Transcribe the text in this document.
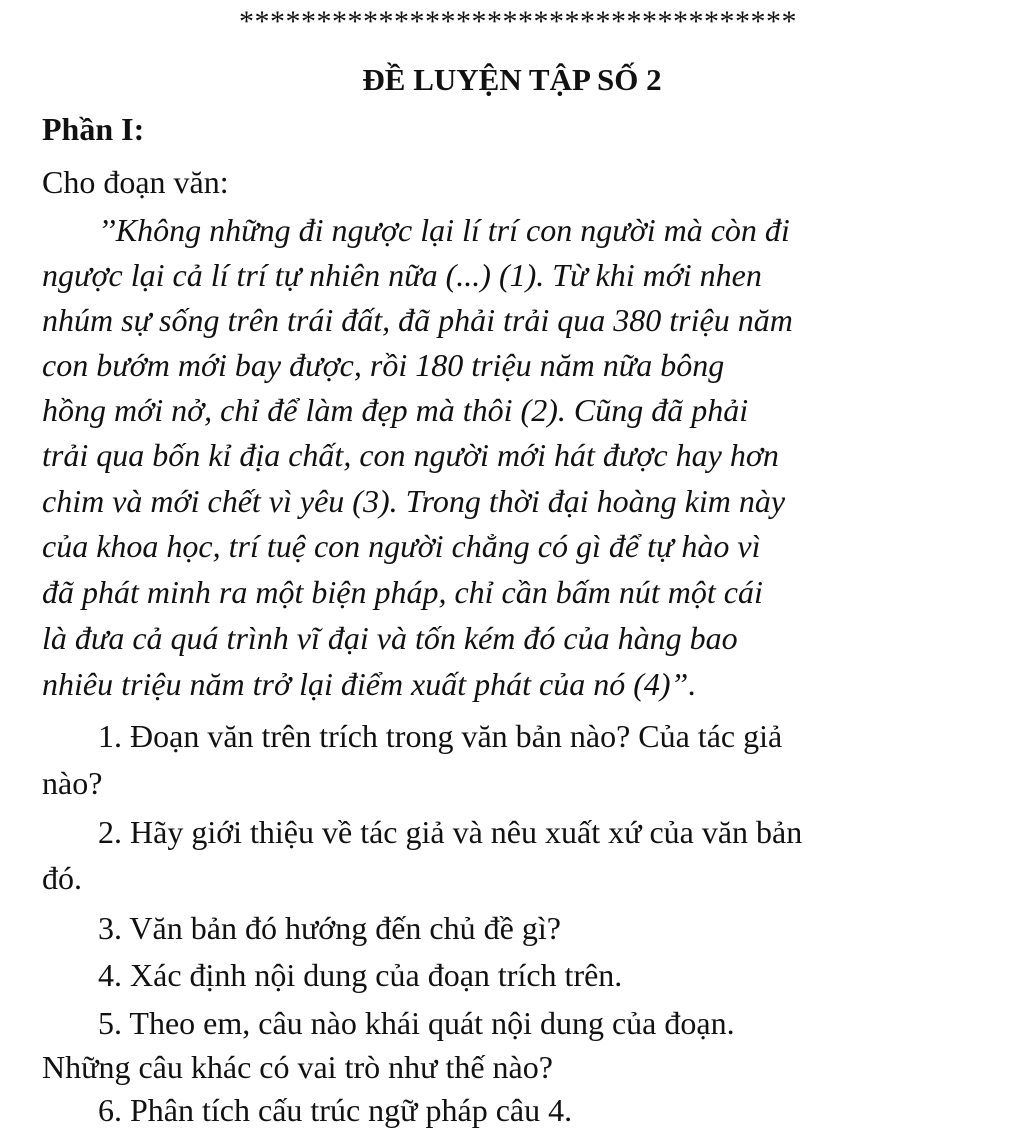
************************************
ĐỀ LUYỆN TẬP SỐ 2
Phần I:
Cho đoạn văn:
’’Không những đi ngược lại lí trí con người mà còn đi
ngược lại cả lí trí tự nhiên nữa (...) (1). Từ khi mới nhen
nhúm sự sống trên trái đất, đã phải trải qua 380 triệu năm
con bướm mới bay được, rồi 180 triệu năm nữa bông
hồng mới nở, chỉ để làm đẹp mà thôi (2). Cũng đã phải
trải qua bốn kỉ địa chất, con người mới hát được hay hơn
chim và mới chết vì yêu (3). Trong thời đại hoàng kim này
của khoa học, trí tuệ con người chẳng có gì để tự hào vì
đã phát minh ra một biện pháp, chỉ cần bấm nút một cái
là đưa cả quá trình vĩ đại và tốn kém đó của hàng bao
nhiêu triệu năm trở lại điểm xuất phát của nó (4)”.
1. Đoạn văn trên trích trong văn bản nào? Của tác giả
nào?
2. Hãy giới thiệu về tác giả và nêu xuất xứ của văn bản
đó.
3. Văn bản đó hướng đến chủ đề gì?
4. Xác định nội dung của đoạn trích trên.
5. Theo em, câu nào khái quát nội dung của đoạn.
Những câu khác có vai trò như thế nào?
6. Phân tích cấu trúc ngữ pháp câu 4.
